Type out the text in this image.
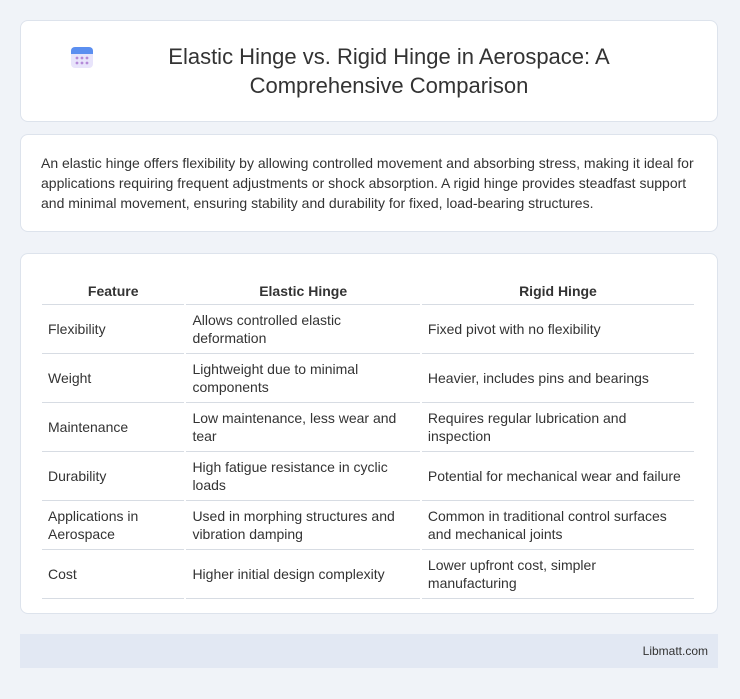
Elastic Hinge vs. Rigid Hinge in Aerospace: A Comprehensive Comparison

An elastic hinge offers flexibility by allowing controlled movement and absorbing stress, making it ideal for applications requiring frequent adjustments or shock absorption. A rigid hinge provides steadfast support and minimal movement, ensuring stability and durability for fixed, load-bearing structures.

Feature	Elastic Hinge	Rigid Hinge
Flexibility	Allows controlled elastic deformation	Fixed pivot with no flexibility
Weight	Lightweight due to minimal components	Heavier, includes pins and bearings
Maintenance	Low maintenance, less wear and tear	Requires regular lubrication and inspection
Durability	High fatigue resistance in cyclic loads	Potential for mechanical wear and failure
Applications in Aerospace	Used in morphing structures and vibration damping	Common in traditional control surfaces and mechanical joints
Cost	Higher initial design complexity	Lower upfront cost, simpler manufacturing
Libmatt.com
